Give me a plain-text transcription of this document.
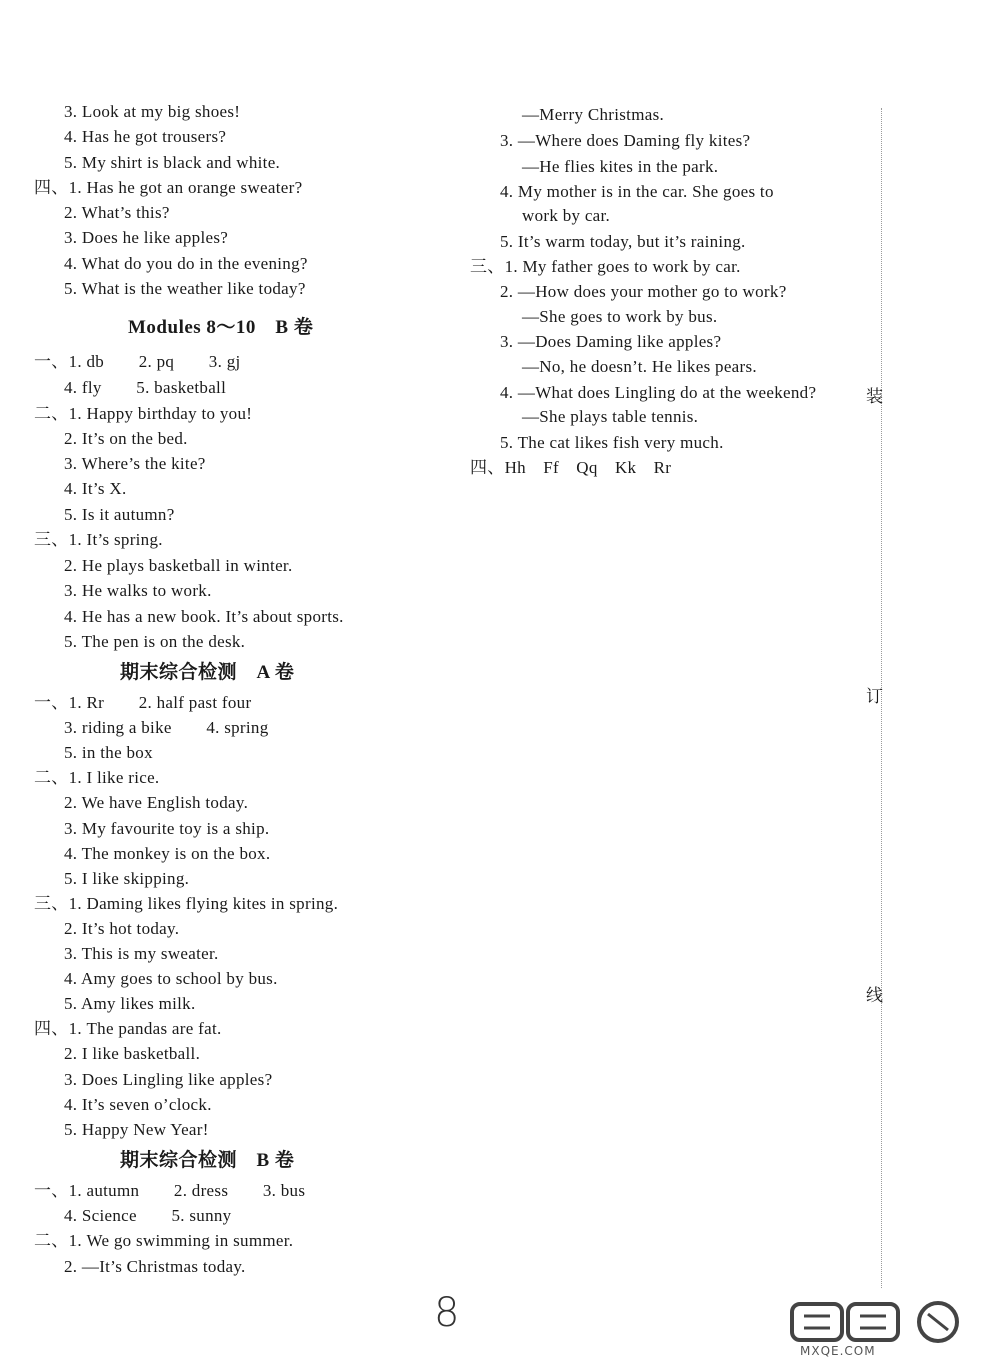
3. Look at my big shoes!
4. Has he got trousers?
5. My shirt is black and white.
四、1. Has he got an orange sweater?
2. What’s this?
3. Does he like apples?
4. What do you do in the evening?
5. What is the weather like today?
Modules 8～10　B 卷
一、1. db　　2. pq　　3. gj
4. fly　　5. basketball
二、1. Happy birthday to you!
2. It’s on the bed.
3. Where’s the kite?
4. It’s X.
5. Is it autumn?
三、1. It’s spring.
2. He plays basketball in winter.
3. He walks to work.
4. He has a new book. It’s about sports.
5. The pen is on the desk.
期末综合检测　A 卷
一、1. Rr　　2. half past four
3. riding a bike　　4. spring
5. in the box
二、1. I like rice.
2. We have English today.
3. My favourite toy is a ship.
4. The monkey is on the box.
5. I like skipping.
三、1. Daming likes flying kites in spring.
2. It’s hot today.
3. This is my sweater.
4. Amy goes to school by bus.
5. Amy likes milk.
四、1. The pandas are fat.
2. I like basketball.
3. Does Lingling like apples?
4. It’s seven o’clock.
5. Happy New Year!
期末综合检测　B 卷
一、1. autumn　　2. dress　　3. bus
4. Science　　5. sunny
二、1. We go swimming in summer.
2. —It’s Christmas today.
—Merry Christmas.
3. —Where does Daming fly kites?
—He flies kites in the park.
4. My mother is in the car. She goes to
work by car.
5. It’s warm today, but it’s raining.
三、1. My father goes to work by car.
2. —How does your mother go to work?
—She goes to work by bus.
3. —Does Daming like apples?
—No, he doesn’t. He likes pears.
4. —What does Lingling do at the weekend?
—She plays table tennis.
5. The cat likes fish very much.
四、Hh　Ff　Qq　Kk　Rr
装
订
线
8
MXQE.COM
